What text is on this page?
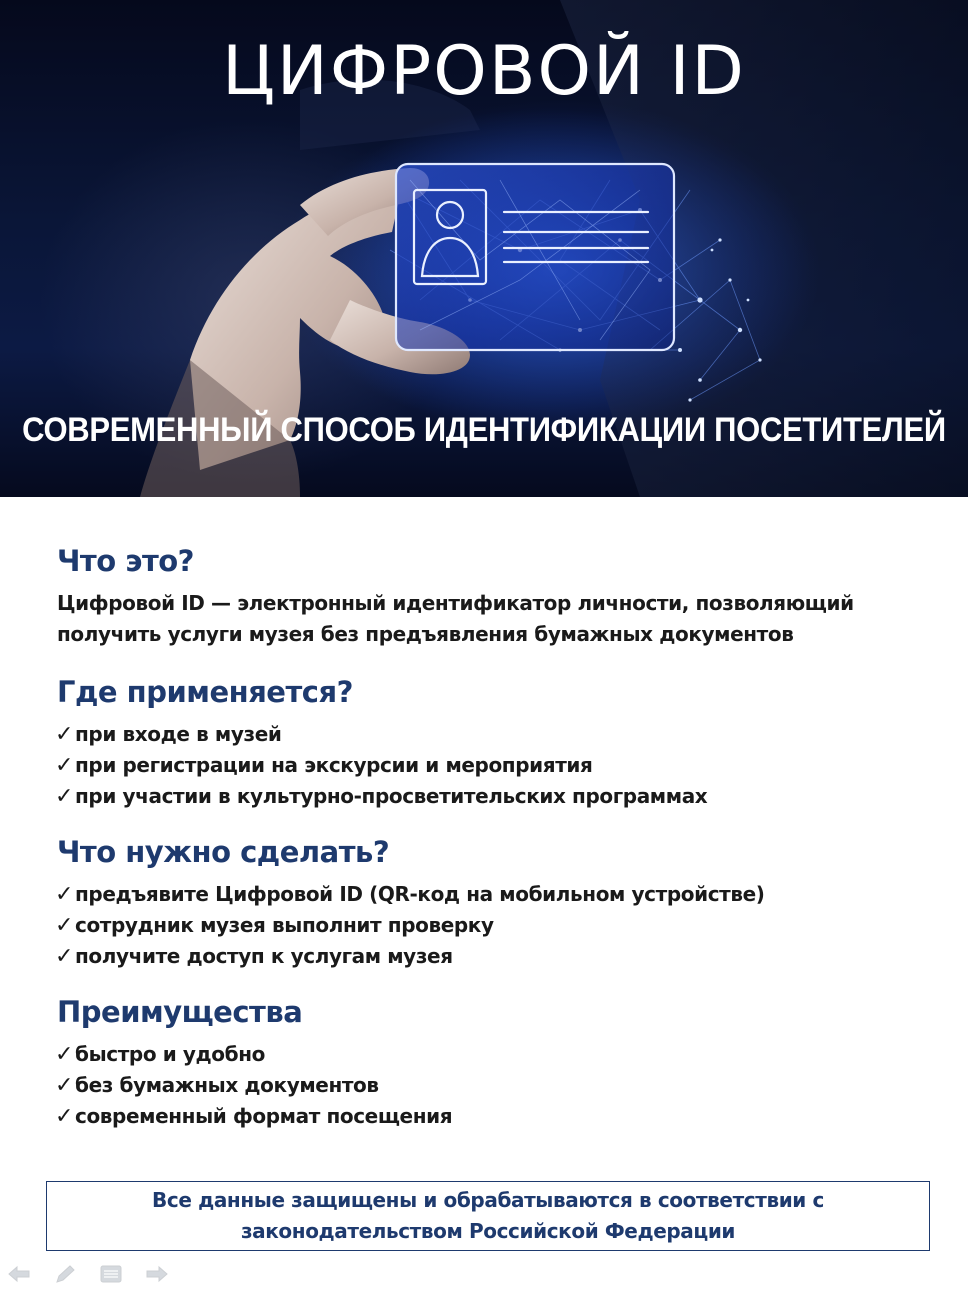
ЦИФРОВОЙ ID

СОВРЕМЕННЫЙ СПОСОБ ИДЕНТИФИКАЦИИ ПОСЕТИТЕЛЕЙ

Что это?

Цифровой ID — электронный идентификатор личности, позволяющий

получить услуги музея без предъявления бумажных документов

Где применяется?
✓ при входе в музей
✓ при регистрации на экскурсии и мероприятия
✓ при участии в культурно-просветительских программах
Что нужно сделать?
✓ предъявите Цифровой ID (QR-код на мобильном устройстве)
✓ сотрудник музея выполнит проверку
✓ получите доступ к услугам музея
Преимущества
✓ быстро и удобно
✓ без бумажных документов
✓ современный формат посещения

Все данные защищены и обрабатываются в соответствии с
законодательством Российской Федерации
